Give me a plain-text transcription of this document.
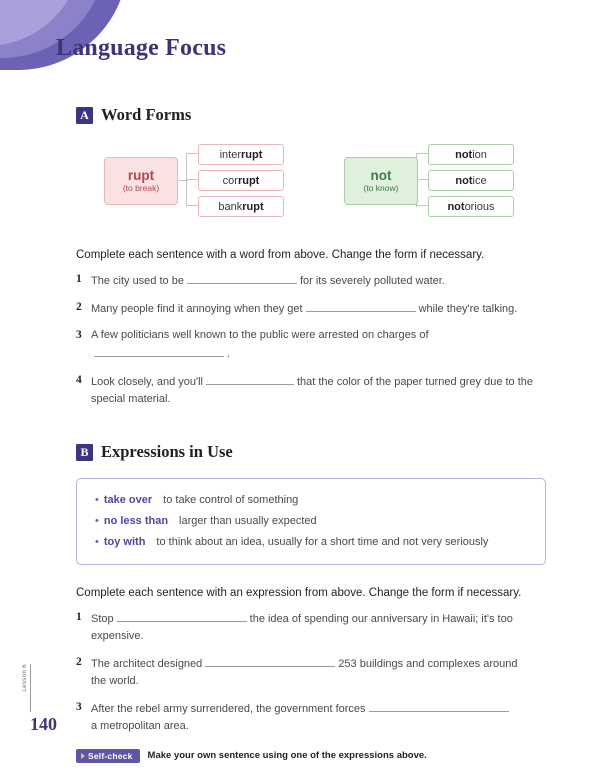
Language Focus
A Word Forms
rupt
(to break)
not
(to know)
inter rupt
cor rupt
bank rupt
not ion
not ice
not orious
Complete each sentence with a word from above. Change the form if necessary.
1 The city used to be	for its severely polluted water.
2 Many people find it annoying when they get	while they're talking.
3 A few politicians well known to the public were arrested on charges of.
4 Look closely, and you'll	that the color of the paper turned grey due to the
special material.
B Expressions in Use
• take over to take control of something
• no less than larger than usually expected
• toy with to think about an idea, usually for a short time and not very seriously
Complete each sentence with an expression from above. Change the form if necessary.
1 Stop	the idea of spending our anniversary in Hawaii; it's too expensive.
2 The architect designed	253 buildings and complexes around
the world.
3 After the rebel army surrendered, the government forces
a metropolitan area.
Self-check Make your own sentence using one of the expressions above.
Lesson 6
140
